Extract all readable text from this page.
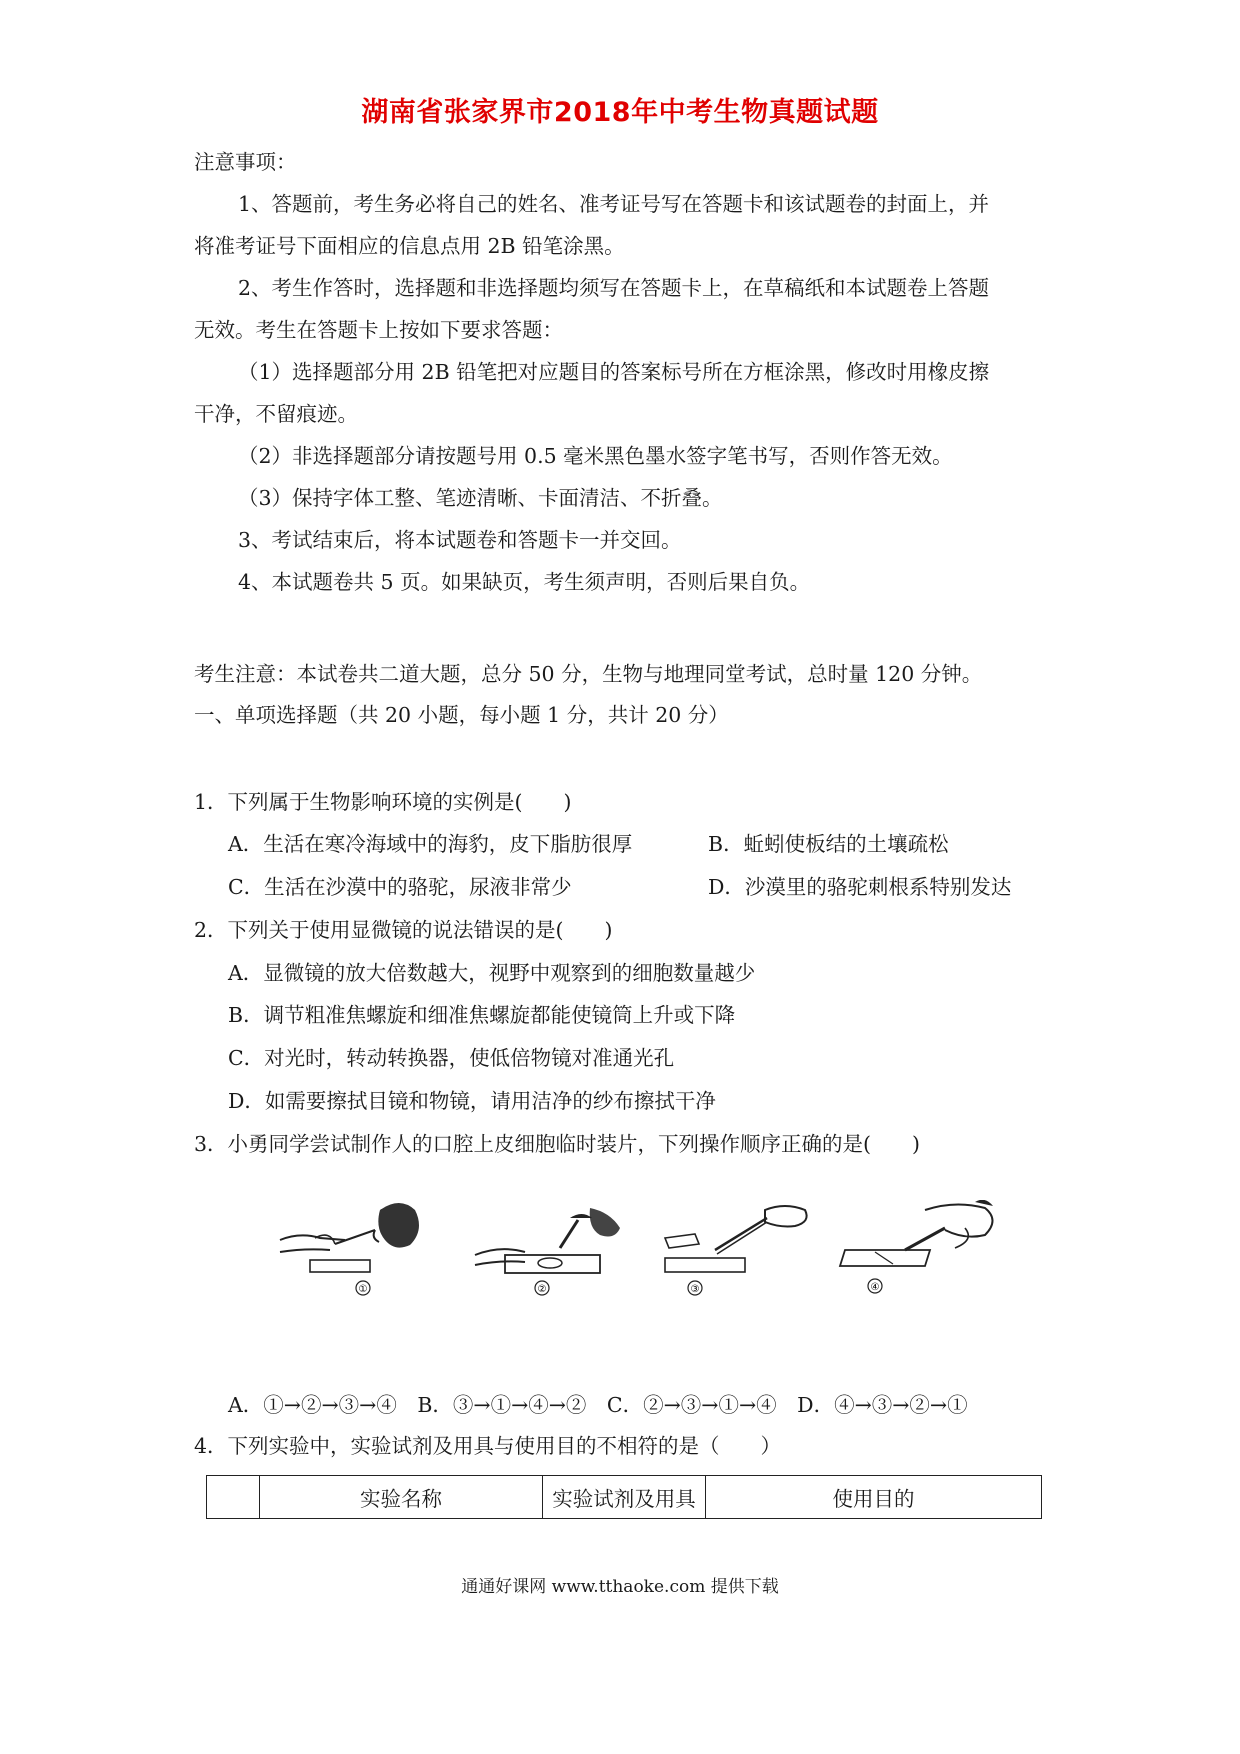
湖南省张家界市2018年中考生物真题试题
注意事项：
1、答题前，考生务必将自己的姓名、准考证号写在答题卡和该试题卷的封面上，并
将准考证号下面相应的信息点用 2B 铅笔涂黑。
2、考生作答时，选择题和非选择题均须写在答题卡上，在草稿纸和本试题卷上答题
无效。考生在答题卡上按如下要求答题：
（1）选择题部分用 2B 铅笔把对应题目的答案标号所在方框涂黑，修改时用橡皮擦
干净，不留痕迹。
（2）非选择题部分请按题号用 0.5 毫米黑色墨水签字笔书写，否则作答无效。
（3）保持字体工整、笔迹清晰、卡面清洁、不折叠。
3、考试结束后，将本试题卷和答题卡一并交回。
4、本试题卷共 5 页。如果缺页，考生须声明，否则后果自负。
考生注意：本试卷共二道大题，总分 50 分，生物与地理同堂考试，总时量 120 分钟。
一、单项选择题（共 20 小题，每小题 1 分，共计 20 分）
1．下列属于生物影响环境的实例是(　　)
A．生活在寒冷海域中的海豹，皮下脂肪很厚	B．蚯蚓使板结的土壤疏松
C．生活在沙漠中的骆驼，尿液非常少	D．沙漠里的骆驼刺根系特别发达
2．下列关于使用显微镜的说法错误的是(　　)
A．显微镜的放大倍数越大，视野中观察到的细胞数量越少
B．调节粗准焦螺旋和细准焦螺旋都能使镜筒上升或下降
C．对光时，转动转换器，使低倍物镜对准通光孔
D．如需要擦拭目镜和物镜，请用洁净的纱布擦拭干净
3．小勇同学尝试制作人的口腔上皮细胞临时装片，下列操作顺序正确的是(　　)
①	②	③	④
A．①→②→③→④　B．③→①→④→②　C．②→③→①→④　D．④→③→②→①
4．下列实验中，实验试剂及用具与使用目的不相符的是（　　）
	实验名称	实验试剂及用具	使用目的
通通好课网 www.tthaoke.com 提供下载
